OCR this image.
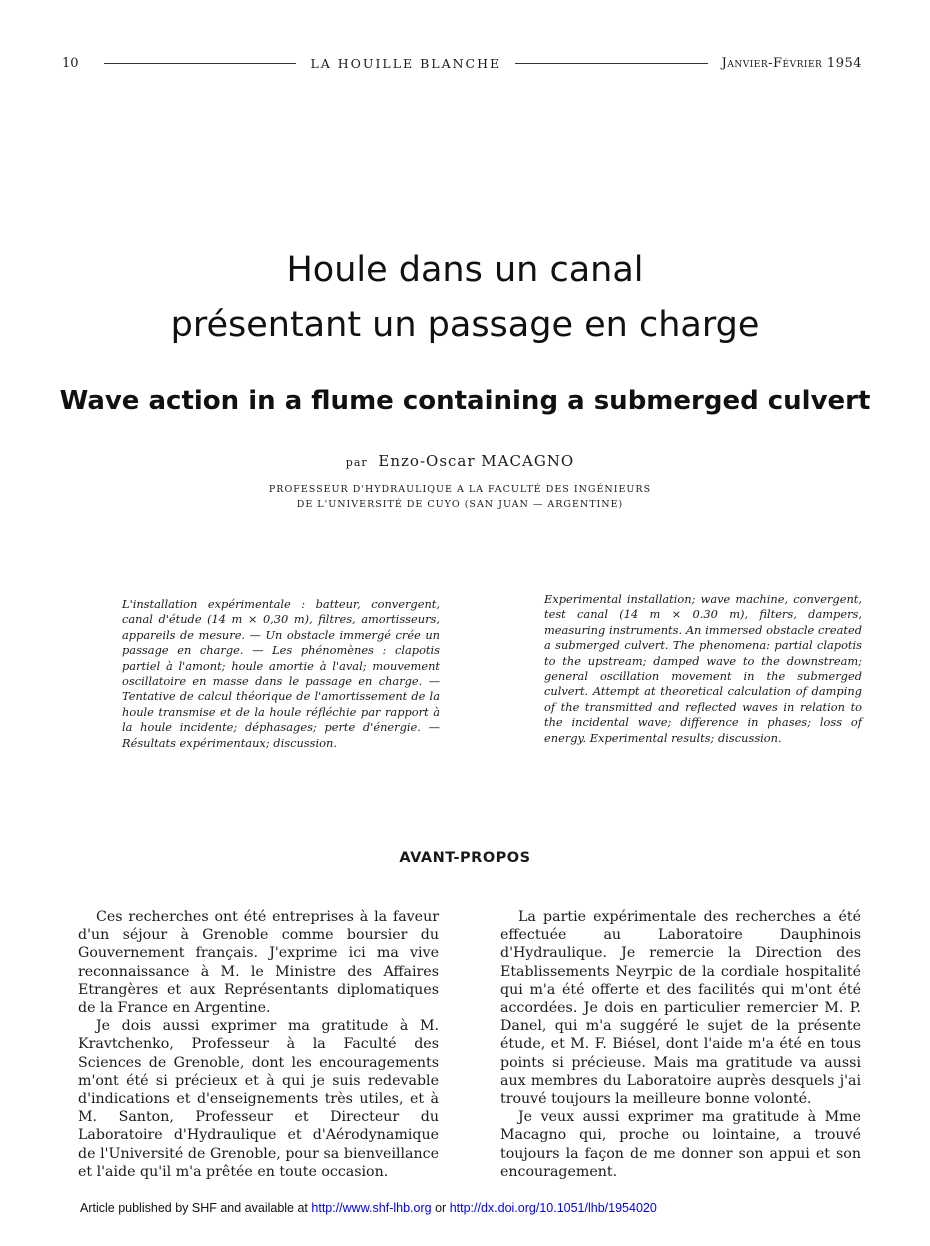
10	LA HOUILLE BLANCHE	Janvier-Février 1954
Houle dans un canal
présentant un passage en charge
Wave action in a flume containing a submerged culvert
par Enzo-Oscar MACAGNO
PROFESSEUR D'HYDRAULIQUE A LA FACULTÉ DES INGÉNIEURS
DE L'UNIVERSITÉ DE CUYO (SAN JUAN — ARGENTINE)

L'installation expérimentale : batteur, convergent, canal d'étude (14 m × 0,30 m), filtres, amortisseurs, appareils de mesure. — Un obstacle immergé crée un passage en charge. — Les phénomènes : clapotis partiel à l'amont; houle amortie à l'aval; mouvement oscillatoire en masse dans le passage en charge. — Tentative de calcul théorique de l'amortissement de la houle transmise et de la houle réfléchie par rapport à la houle incidente; déphasages; perte d'énergie. — Résultats expérimentaux; discussion.

Experimental installation; wave machine, convergent, test canal (14 m × 0.30 m), filters, dampers, measuring instruments. An immersed obstacle created a submerged culvert. The phenomena: partial clapotis to the upstream; damped wave to the downstream; general oscillation movement in the submerged culvert. Attempt at theoretical calculation of damping of the transmitted and reflected waves in relation to the incidental wave; difference in phases; loss of energy. Experimental results; discussion.

AVANT-PROPOS

Ces recherches ont été entreprises à la faveur d'un séjour à Grenoble comme boursier du Gouvernement français. J'exprime ici ma vive reconnaissance à M. le Ministre des Affaires Etrangères et aux Représentants diplomatiques de la France en Argentine.

Je dois aussi exprimer ma gratitude à M. Kravtchenko, Professeur à la Faculté des Sciences de Grenoble, dont les encouragements m'ont été si précieux et à qui je suis redevable d'indications et d'enseignements très utiles, et à M. Santon, Professeur et Directeur du Laboratoire d'Hydraulique et d'Aérodynamique de l'Université de Grenoble, pour sa bienveillance et l'aide qu'il m'a prêtée en toute occasion.

La partie expérimentale des recherches a été effectuée au Laboratoire Dauphinois d'Hydraulique. Je remercie la Direction des Etablissements Neyrpic de la cordiale hospitalité qui m'a été offerte et des facilités qui m'ont été accordées. Je dois en particulier remercier M. P. Danel, qui m'a suggéré le sujet de la présente étude, et M. F. Biésel, dont l'aide m'a été en tous points si précieuse. Mais ma gratitude va aussi aux membres du Laboratoire auprès desquels j'ai trouvé toujours la meilleure bonne volonté.

Je veux aussi exprimer ma gratitude à Mme Macagno qui, proche ou lointaine, a trouvé toujours la façon de me donner son appui et son encouragement.

Article published by SHF and available at http://www.shf-lhb.org or http://dx.doi.org/10.1051/lhb/1954020
